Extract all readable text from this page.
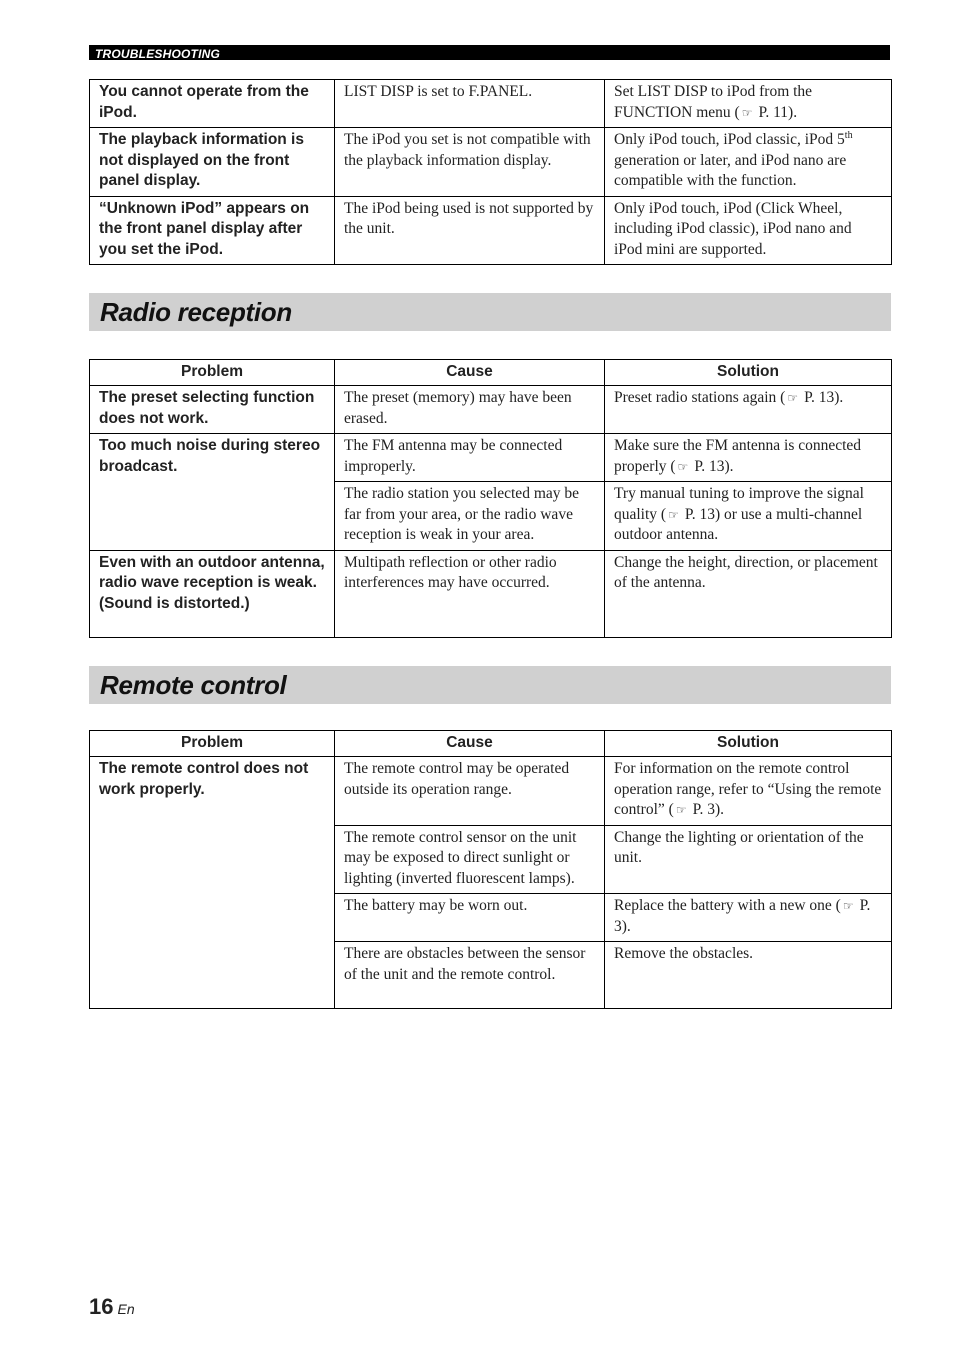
TROUBLESHOOTING
You cannot operate from the iPod.	LIST DISP is set to F.PANEL.	Set LIST DISP to iPod from the FUNCTION menu ( ☞ P. 11).
The playback information is not displayed on the front panel display.	The iPod you set is not compatible with the playback information display.	Only iPod touch, iPod classic, iPod 5th generation or later, and iPod nano are compatible with the function.
“Unknown iPod” appears on the front panel display after you set the iPod.	The iPod being used is not supported by the unit.	Only iPod touch, iPod (Click Wheel, including iPod classic), iPod nano and iPod mini are supported.
Radio reception
Problem	Cause	Solution
The preset selecting function does not work.	The preset (memory) may have been erased.	Preset radio stations again ( ☞ P. 13).
Too much noise during stereo broadcast.	The FM antenna may be connected improperly.	Make sure the FM antenna is connected properly ( ☞ P. 13).
	The radio station you selected may be far from your area, or the radio wave reception is weak in your area.	Try manual tuning to improve the signal quality ( ☞ P. 13) or use a multi-channel outdoor antenna.
Even with an outdoor antenna, radio wave reception is weak. (Sound is distorted.)	Multipath reflection or other radio interferences may have occurred.	Change the height, direction, or placement of the antenna.
Remote control
Problem	Cause	Solution
The remote control does not work properly.	The remote control may be operated outside its operation range.	For information on the remote control operation range, refer to “Using the remote control” ( ☞ P. 3).
	The remote control sensor on the unit may be exposed to direct sunlight or lighting (inverted fluorescent lamps).	Change the lighting or orientation of the unit.
	The battery may be worn out.	Replace the battery with a new one ( ☞ P. 3).
	There are obstacles between the sensor of the unit and the remote control.	Remove the obstacles.
16 En
